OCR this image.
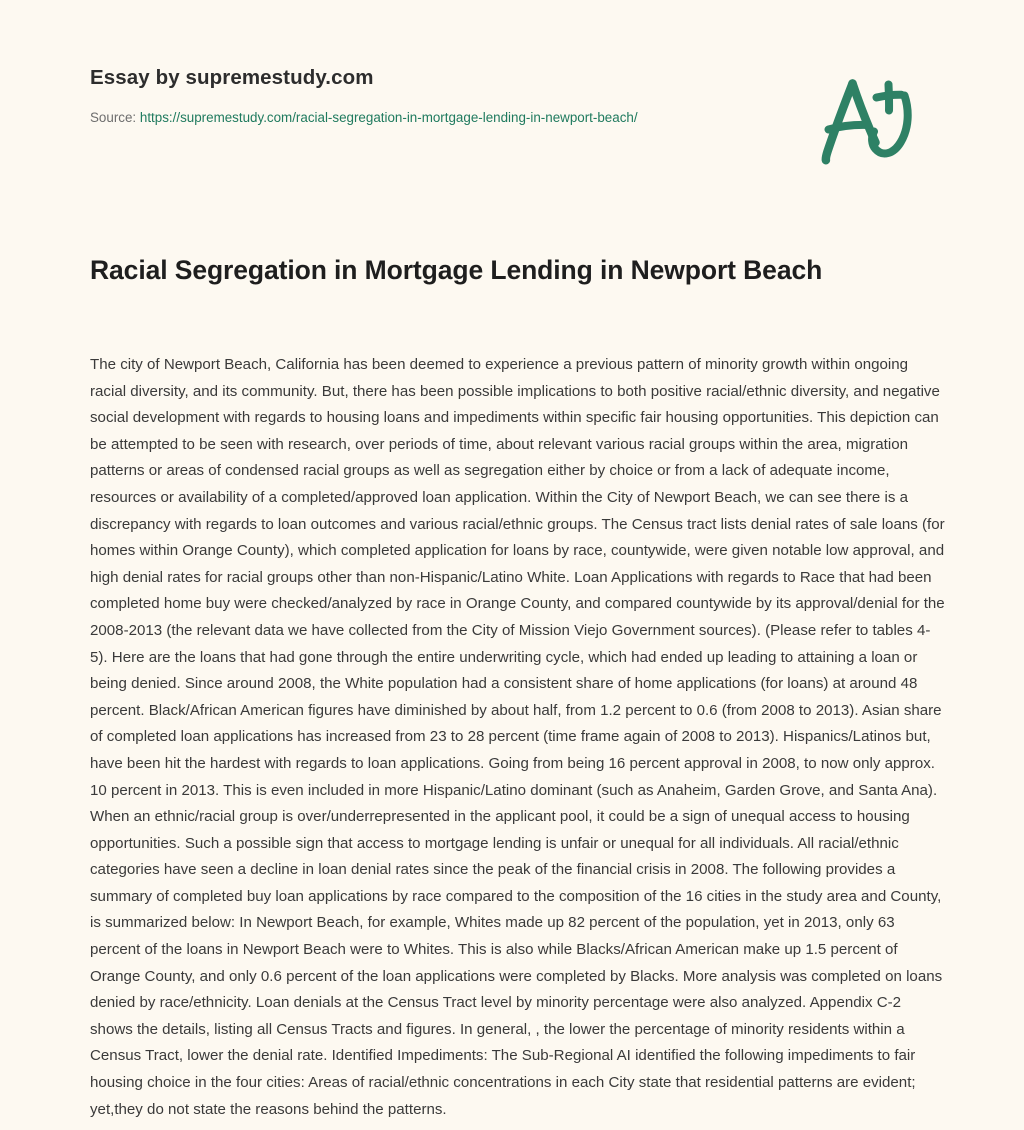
Essay by supremestudy.com
Source: https://supremestudy.com/racial-segregation-in-mortgage-lending-in-newport-beach/
Racial Segregation in Mortgage Lending in Newport Beach

The city of Newport Beach, California has been deemed to experience a previous pattern of minority growth within ongoing racial diversity, and its community. But, there has been possible implications to both positive racial/ethnic diversity, and negative social development with regards to housing loans and impediments within specific fair housing opportunities. This depiction can be attempted to be seen with research, over periods of time, about relevant various racial groups within the area, migration patterns or areas of condensed racial groups as well as segregation either by choice or from a lack of adequate income, resources or availability of a completed/approved loan application. Within the City of Newport Beach, we can see there is a discrepancy with regards to loan outcomes and various racial/ethnic groups. The Census tract lists denial rates of sale loans (for homes within Orange County), which completed application for loans by race, countywide, were given notable low approval, and high denial rates for racial groups other than non-Hispanic/Latino White. Loan Applications with regards to Race that had been completed home buy were checked/analyzed by race in Orange County, and compared countywide by its approval/denial for the 2008-2013 (the relevant data we have collected from the City of Mission Viejo Government sources). (Please refer to tables 4-5). Here are the loans that had gone through the entire underwriting cycle, which had ended up leading to attaining a loan or being denied. Since around 2008, the White population had a consistent share of home applications (for loans) at around 48 percent. Black/African American figures have diminished by about half, from 1.2 percent to 0.6 (from 2008 to 2013). Asian share of completed loan applications has increased from 23 to 28 percent (time frame again of 2008 to 2013). Hispanics/Latinos but, have been hit the hardest with regards to loan applications. Going from being 16 percent approval in 2008, to now only approx. 10 percent in 2013. This is even included in more Hispanic/Latino dominant (such as Anaheim, Garden Grove, and Santa Ana). When an ethnic/racial group is over/underrepresented in the applicant pool, it could be a sign of unequal access to housing opportunities. Such a possible sign that access to mortgage lending is unfair or unequal for all individuals. All racial/ethnic categories have seen a decline in loan denial rates since the peak of the financial crisis in 2008. The following provides a summary of completed buy loan applications by race compared to the composition of the 16 cities in the study area and County, is summarized below: In Newport Beach, for example, Whites made up 82 percent of the population, yet in 2013, only 63 percent of the loans in Newport Beach were to Whites. This is also while Blacks/African American make up 1.5 percent of Orange County, and only 0.6 percent of the loan applications were completed by Blacks. More analysis was completed on loans denied by race/ethnicity. Loan denials at the Census Tract level by minority percentage were also analyzed. Appendix C-2 shows the details, listing all Census Tracts and figures. In general, , the lower the percentage of minority residents within a Census Tract, lower the denial rate. Identified Impediments: The Sub-Regional AI identified the following impediments to fair housing choice in the four cities: Areas of racial/ethnic concentrations in each City state that residential patterns are evident; yet,they do not state the reasons behind the patterns.
